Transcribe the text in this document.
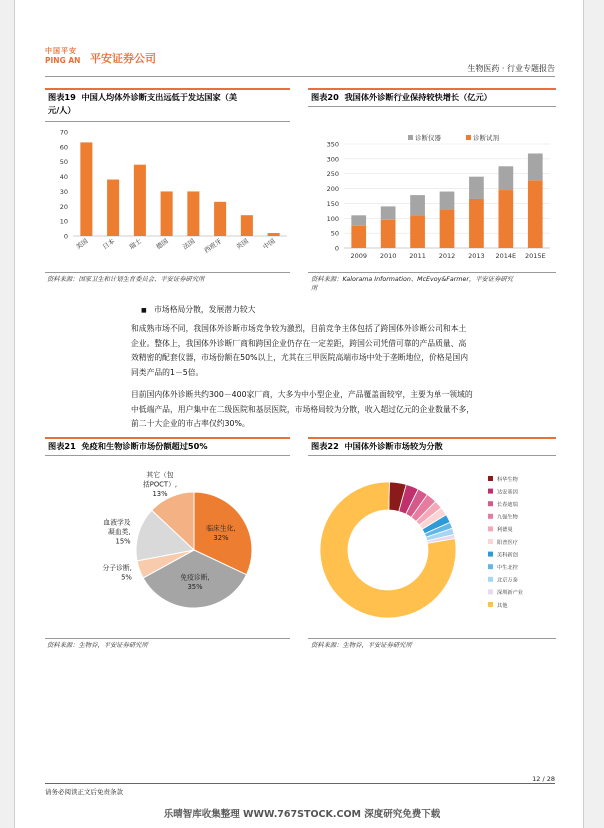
中国平安
PING AN 平安证券公司
生物医药 · 行业专题报告
图表19 中国人均体外诊断支出远低于发达国家（美
元/人）
0
10
20
30
40
50
60
70
美国 日本 瑞士 德国 法国 西班牙 英国 中国
资料来源：国家卫生和计划生育委员会、平安证券研究所
图表20 我国体外诊断行业保持较快增长（亿元）
0
50
100
150
200
250
300
350
诊断仪器	诊断试剂
2009 2010 2011 2012 2013 2014E 2015E
资料来源：Kalorama Information、McEvoy&Farmer，平安证券研究
所
■ 市场格局分散，发展潜力较大
和成熟市场不同，我国体外诊断市场竞争较为激烈，目前竞争主体包括了跨国体外诊断公司和本土
企业。整体上，我国体外诊断厂商和跨国企业仍存在一定差距，跨国公司凭借可靠的产品质量、高
效精密的配套仪器，市场份额在50%以上，尤其在三甲医院高端市场中处于垄断地位，价格是国内
同类产品的1－5倍。
目前国内体外诊断共约300－400家厂商，大多为中小型企业，产品覆盖面较窄，主要为单一领域的
中低端产品，用户集中在二级医院和基层医院，市场格局较为分散，收入超过亿元的企业数量不多，
前二十大企业的市占率仅约30%。
图表21 免疫和生物诊断市场份额超过50%
临床生化,
32%
免疫诊断,
35%
分子诊断,
5%
血液学及
凝血类,
15%
其它（包
括POCT）,
13%
资料来源：生物谷，平安证券研究所
图表22 中国体外诊断市场较为分散
科华生物
达安基因
长春迪瑞
九强生物
利德曼
阳普医疗
美科新创
中生北控
北京万泰
深圳新产业
其他
资料来源：生物谷，平安证券研究所
12 / 28
请务必阅读正文后免责条款
乐晴智库收集整理 WWW.767STOCK.COM 深度研究免费下载
